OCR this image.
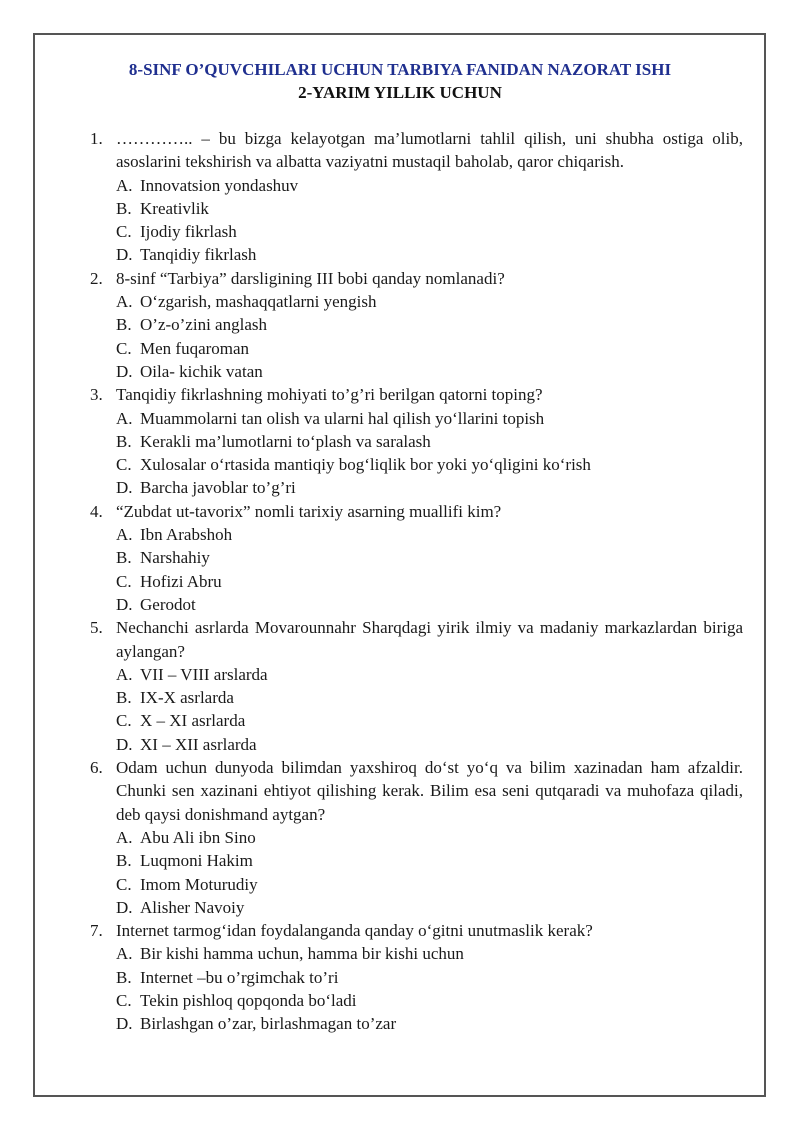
8-SINF O’QUVCHILARI UCHUN TARBIYA FANIDAN NAZORAT ISHI
2-YARIM YILLIK UCHUN
1. ………….. – bu bizga kelayotgan ma’lumotlarni tahlil qilish, uni shubha ostiga olib, asoslarini tekshirish va albatta vaziyatni mustaqil baholab, qaror chiqarish.
A. Innovatsion yondashuv
B. Kreativlik
C. Ijodiy fikrlash
D. Tanqidiy fikrlash
2. 8-sinf “Tarbiya” darsligining III bobi qanday nomlanadi?
A. O‘zgarish, mashaqqatlarni yengish
B. O’z-o’zini anglash
C. Men fuqaroman
D. Oila- kichik vatan
3. Tanqidiy fikrlashning mohiyati to’g’ri berilgan qatorni toping?
A. Muammolarni tan olish va ularni hal qilish yo‘llarini topish
B. Kerakli ma’lumotlarni to‘plash va saralash
C. Xulosalar o‘rtasida mantiqiy bog‘liqlik bor yoki yo‘qligini ko‘rish
D. Barcha javoblar to’g’ri
4. “Zubdat ut-tavorix” nomli tarixiy asarning muallifi kim?
A. Ibn Arabshoh
B. Narshahiy
C. Hofizi Abru
D. Gerodot
5. Nechanchi asrlarda Movarounnahr Sharqdagi yirik ilmiy va madaniy markazlardan biriga aylangan?
A. VII – VIII arslarda
B. IX-X asrlarda
C. X – XI asrlarda
D. XI – XII asrlarda
6. Odam uchun dunyoda bilimdan yaxshiroq do‘st yo‘q va bilim xazinadan ham afzaldir. Chunki sen xazinani ehtiyot qilishing kerak. Bilim esa seni qutqaradi va muhofaza qiladi, deb qaysi donishmand aytgan?
A. Abu Ali ibn Sino
B. Luqmoni Hakim
C. Imom Moturudiy
D. Alisher Navoiy
7. Internet tarmog‘idan foydalanganda qanday o‘gitni unutmaslik kerak?
A. Bir kishi hamma uchun, hamma bir kishi uchun
B. Internet –bu o’rgimchak to’ri
C. Tekin pishloq qopqonda bo‘ladi
D. Birlashgan o’zar, birlashmagan to’zar
